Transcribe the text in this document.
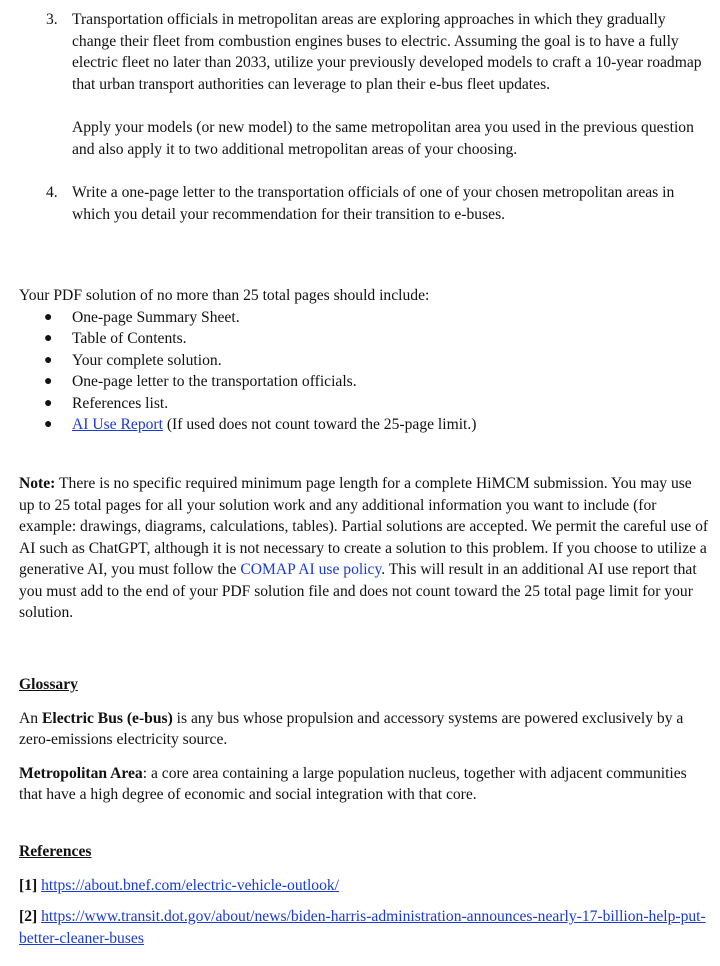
3. Transportation officials in metropolitan areas are exploring approaches in which they gradually change their fleet from combustion engines buses to electric. Assuming the goal is to have a fully electric fleet no later than 2033, utilize your previously developed models to craft a 10-year roadmap that urban transport authorities can leverage to plan their e-bus fleet updates.

Apply your models (or new model) to the same metropolitan area you used in the previous question and also apply it to two additional metropolitan areas of your choosing.

4. Write a one-page letter to the transportation officials of one of your chosen metropolitan areas in which you detail your recommendation for their transition to e-buses.

Your PDF solution of no more than 25 total pages should include:

● One-page Summary Sheet.
● Table of Contents.
● Your complete solution.
● One-page letter to the transportation officials.
● References list.
● AI Use Report (If used does not count toward the 25-page limit.)

Note: There is no specific required minimum page length for a complete HiMCM submission. You may use up to 25 total pages for all your solution work and any additional information you want to include (for example: drawings, diagrams, calculations, tables). Partial solutions are accepted. We permit the careful use of AI such as ChatGPT, although it is not necessary to create a solution to this problem. If you choose to utilize a generative AI, you must follow the COMAP AI use policy. This will result in an additional AI use report that you must add to the end of your PDF solution file and does not count toward the 25 total page limit for your solution.

Glossary

An Electric Bus (e-bus) is any bus whose propulsion and accessory systems are powered exclusively by a zero-emissions electricity source.

Metropolitan Area: a core area containing a large population nucleus, together with adjacent communities that have a high degree of economic and social integration with that core.

References

[1] https://about.bnef.com/electric-vehicle-outlook/

[2] https://www.transit.dot.gov/about/news/biden-harris-administration-announces-nearly-17-billion-help-put-better-cleaner-buses
